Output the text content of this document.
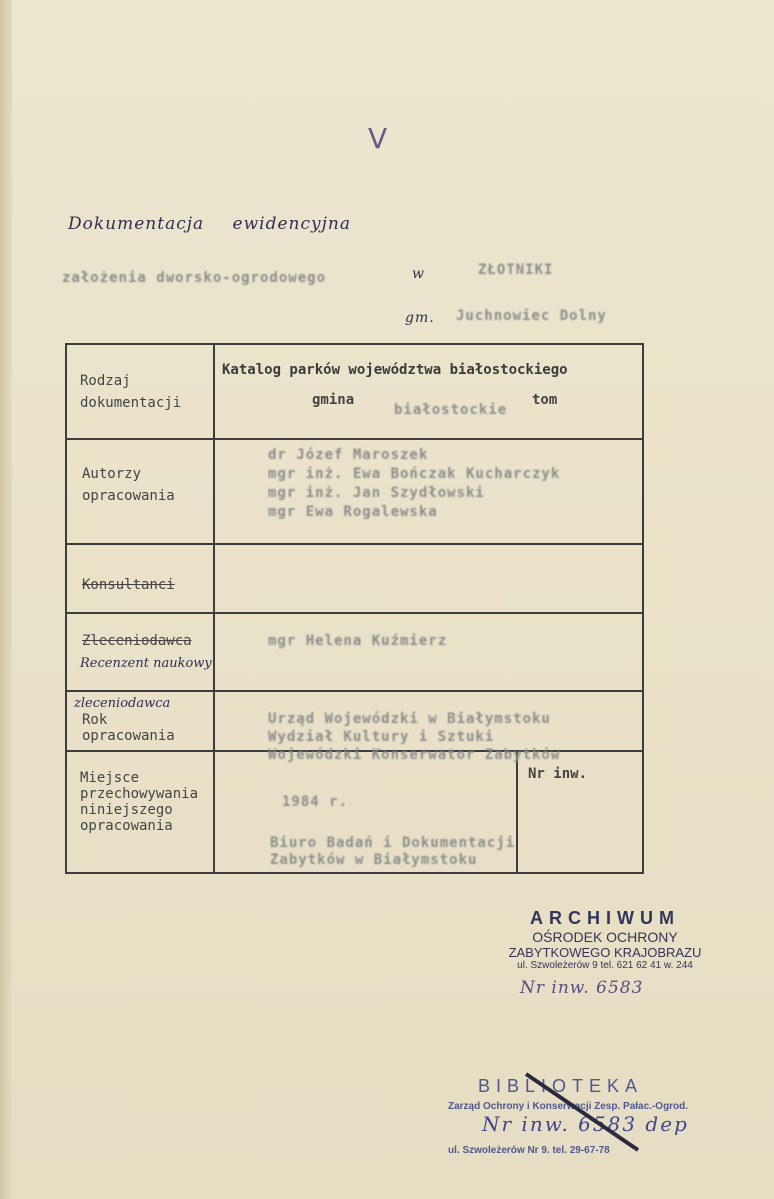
V
Dokumentacja ewidencyjna
założenia dworsko-ogrodowego	w	ZŁOTNIKI
gm. Juchnowiec Dolny
Rodzaj
dokumentacji
Katalog parków województwa białostockiego
gmina
białostockie
tom
Autorzy
opracowania
dr Józef Maroszek
mgr inż. Ewa Bończak Kucharczyk
mgr inż. Jan Szydłowski
mgr Ewa Rogalewska
Konsultanci
Zleceniodawca
Recenzent naukowy
mgr Helena Kuźmierz
zleceniodawca
Rok
opracowania
Urząd Wojewódzki w Białymstoku
Wydział Kultury i Sztuki
Wojewódzki Konserwator Zabytków
Miejsce
przechowywania
niniejszego
opracowania
1984 r.
Biuro Badań i Dokumentacji
Zabytków w Białymstoku
Nr inw.
ARCHIWUM
OŚRODEK OCHRONY
ZABYTKOWEGO KRAJOBRAZU
ul. Szwoleżerów 9 tel. 621 62 41 w. 244
Nr inw. 6583
BIBLIOTEKA
Zarząd Ochrony i Konserwacji Zesp. Pałac.-Ogrod.
ul. Szwoleżerów Nr 9. tel. 29-67-78
Nr inw. 6583 dep
